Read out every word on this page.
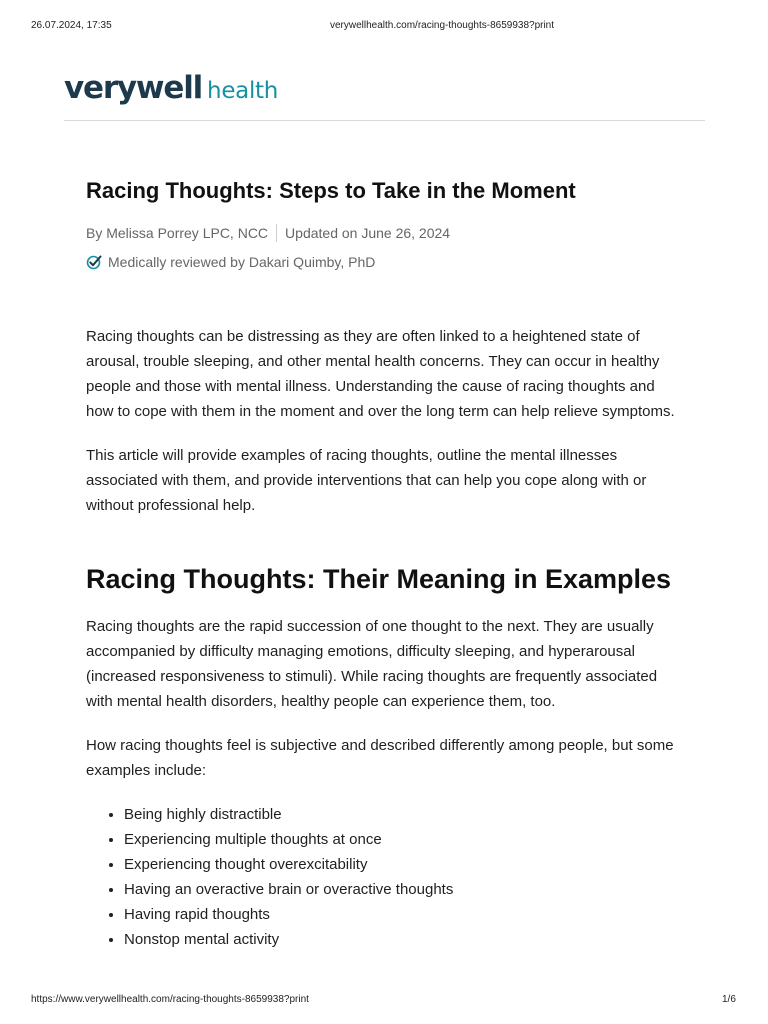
26.07.2024, 17:35	verywellhealth.com/racing-thoughts-8659938?print
verywell health
Racing Thoughts: Steps to Take in the Moment
By Melissa Porrey LPC, NCC Updated on June 26, 2024
Medically reviewed by Dakari Quimby, PhD

Racing thoughts can be distressing as they are often linked to a heightened state of arousal, trouble sleeping, and other mental health concerns. They can occur in healthy people and those with mental illness. Understanding the cause of racing thoughts and how to cope with them in the moment and over the long term can help relieve symptoms.

This article will provide examples of racing thoughts, outline the mental illnesses associated with them, and provide interventions that can help you cope along with or without professional help.

Racing Thoughts: Their Meaning in Examples

Racing thoughts are the rapid succession of one thought to the next. They are usually accompanied by difficulty managing emotions, difficulty sleeping, and hyperarousal (increased responsiveness to stimuli). While racing thoughts are frequently associated with mental health disorders, healthy people can experience them, too.

How racing thoughts feel is subjective and described differently among people, but some examples include:

• Being highly distractible
• Experiencing multiple thoughts at once
• Experiencing thought overexcitability
• Having an overactive brain or overactive thoughts
• Having rapid thoughts
• Nonstop mental activity
https://www.verywellhealth.com/racing-thoughts-8659938?print	1/6
